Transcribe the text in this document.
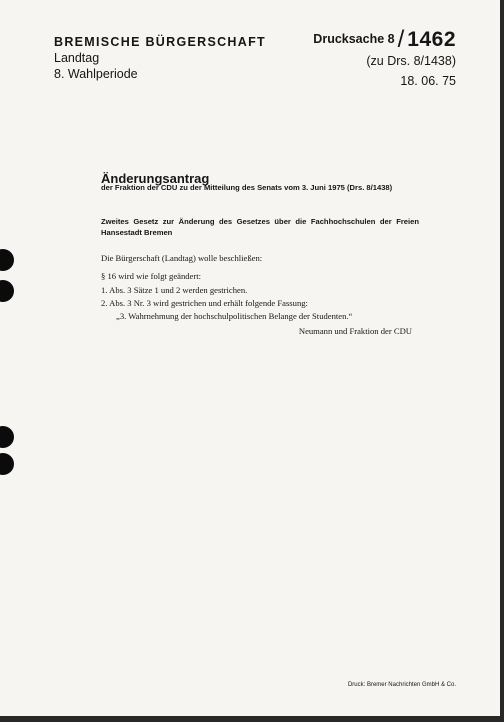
BREMISCHE BÜRGERSCHAFT
Landtag
8. Wahlperiode
Drucksache 8 / 1462
(zu Drs. 8/1438)
18. 06. 75
Änderungsantrag
der Fraktion der CDU zu der Mitteilung des Senats vom 3. Juni 1975 (Drs. 8/1438)
Zweites Gesetz zur Änderung des Gesetzes über die Fachhochschulen der Freien Hansestadt Bremen
Die Bürgerschaft (Landtag) wolle beschließen:
§ 16 wird wie folgt geändert:
1. Abs. 3 Sätze 1 und 2 werden gestrichen.
2. Abs. 3 Nr. 3 wird gestrichen und erhält folgende Fassung:
„3. Wahrnehmung der hochschulpolitischen Belange der Studenten.“
Neumann und Fraktion der CDU
Druck: Bremer Nachrichten GmbH & Co.
